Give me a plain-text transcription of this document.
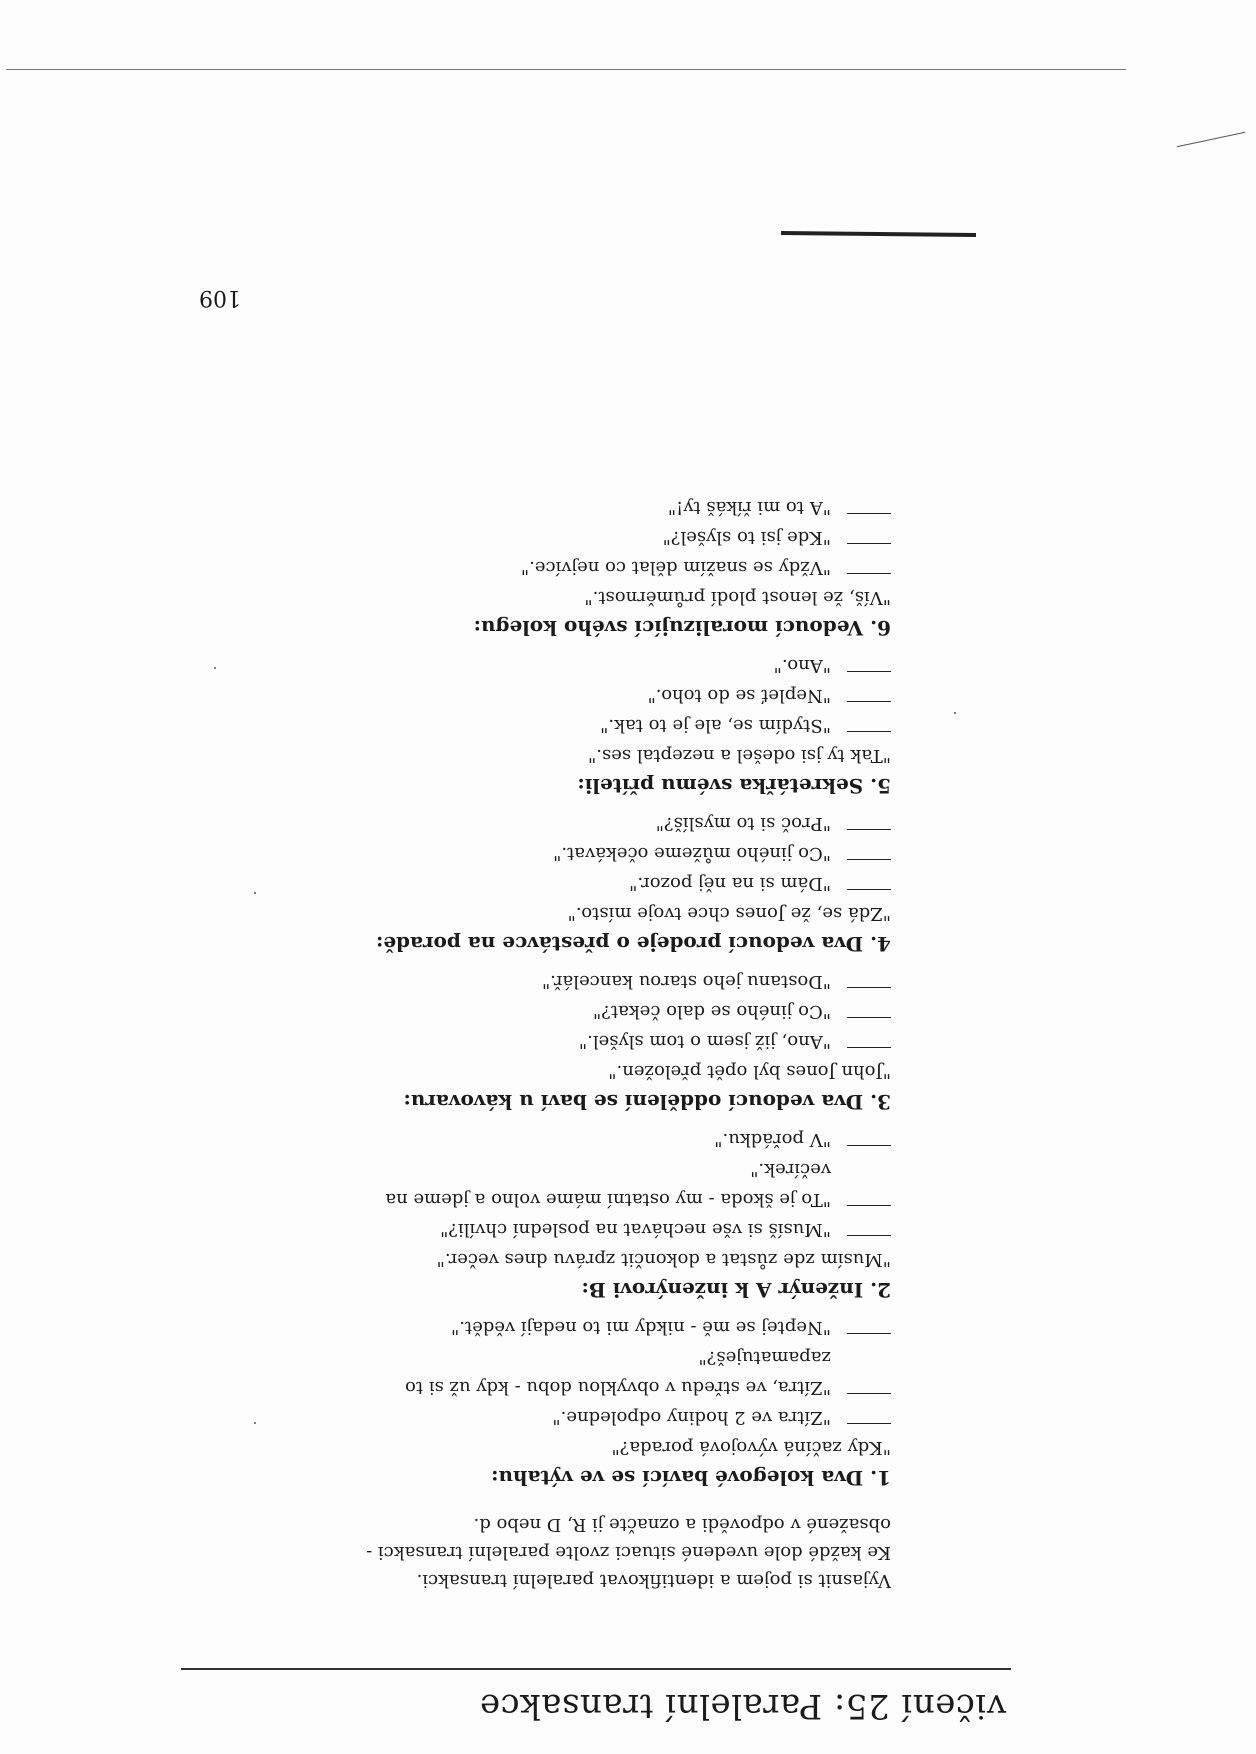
vičení 25: Paralelní transakce
Vyjasnit si pojem a identifikovat paralelní transakci.
Ke každé dole uvedené situaci zvolte paralelní transakci -
obsažené v odpovědi a označte ji R, D nebo d.
1. Dva kolegové bavící se ve výtahu:
"Kdy začíná vývojová porada?"
"Zítra ve 2 hodiny odpoledne."
"Zítra, ve středu v obvyklou dobu - kdy už si to
zapamatuješ?"
"Neptej se mě - nikdy mi to nedají vědět."
2. Inženýr A k inženýrovi B:
"Musím zde zůstat a dokončit zprávu dnes večer."
"Musíš si vše nechávat na poslední chvíli?"
"To je škoda - my ostatní máme volno a jdeme na
večírek."
"V pořádku."
3. Dva vedoucí oddělení se baví u kávovaru:
"John Jones byl opět přeložen."
"Ano, již jsem o tom slyšel."
"Co jiného se dalo čekat?"
"Dostanu jeho starou kancelář."
4. Dva vedoucí prodeje o přestávce na poradě:
"Zdá se, že Jones chce tvoje místo."
"Dám si na něj pozor."
"Co jiného můžeme očekávat."
"Proč si to myslíš?"
5. Sekretářka svému příteli:
"Tak ty jsi odešel a nezeptal ses."
"Stydím se, ale je to tak."
"Nepleť se do toho."
"Ano."
6. Vedoucí moralizující svého kolegu:
"Víš, že lenost plodí průměrnost."
"Vždy se snažím dělat co nejvíce."
"Kde jsi to slyšel?"
"A to mi říkáš ty!"
109
